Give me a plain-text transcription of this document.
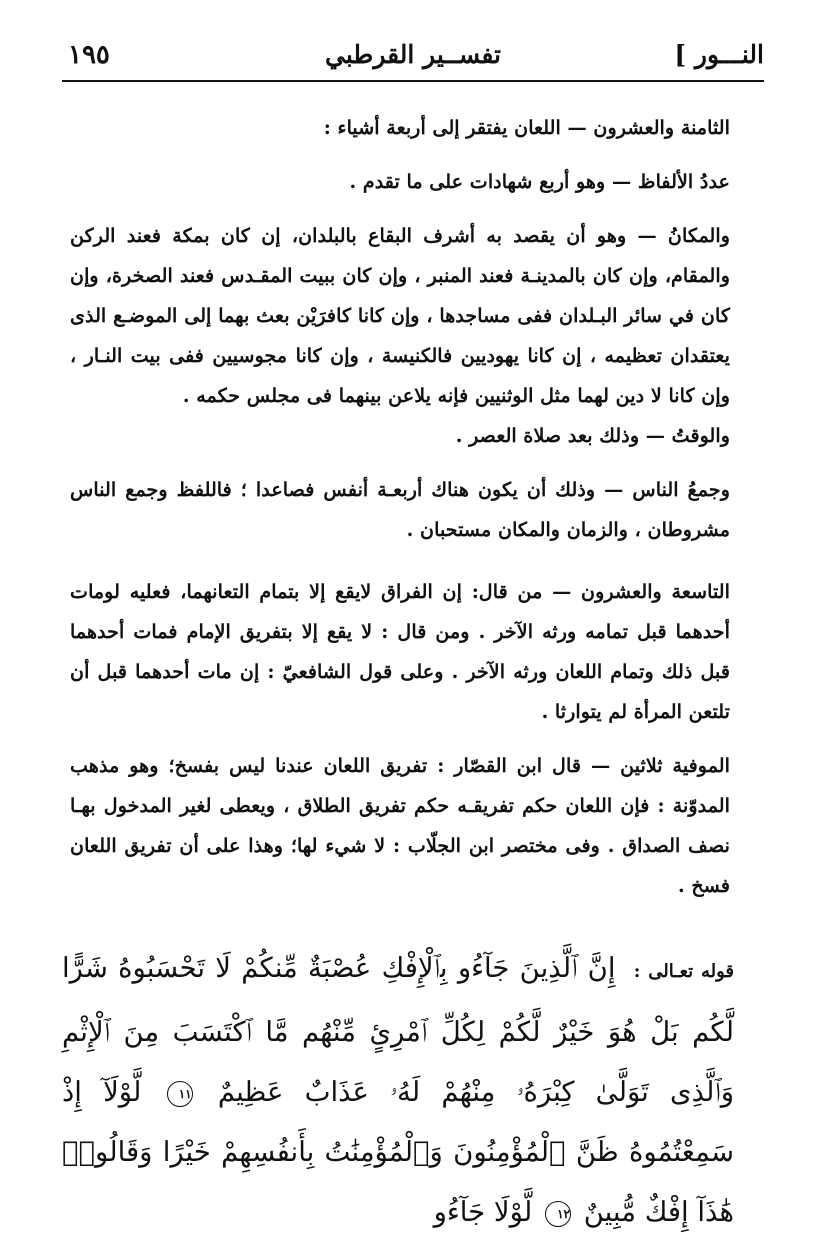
النـــور ]
تفســير القرطبي
١٩٥

الثامنة والعشرون — اللعان يفتقر إلى أربعة أشياء :

عددُ الألفاظ — وهو أربع شهادات على ما تقدم .

والمكانُ — وهو أن يقصد به أشرف البقاع بالبلدان، إن كان بمكة فعند الركن والمقام، وإن كان بالمدينـة فعند المنبر ، وإن كان ببيت المقـدس فعند الصخرة، وإن كان في سائر البـلدان ففى مساجدها ، وإن كانا كافرَيْن بعث بهما إلى الموضـع الذى يعتقدان تعظيمه ، إن كانا يهوديين فالكنيسة ، وإن كانا مجوسيين ففى بيت النـار ، وإن كانا لا دين لهما مثل الوثنيين فإنه يلاعن بينهما فى مجلس حكمه .

والوقتُ — وذلك بعد صلاة العصر .

وجمعُ الناس — وذلك أن يكون هناك أربعـة أنفس فصاعدا ؛ فاللفظ وجمع الناس مشروطان ، والزمان والمكان مستحبان .

التاسعة والعشرون — من قال: إن الفراق لايقع إلا بتمام التعانهما، فعليه لومات أحدهما قبل تمامه ورثه الآخر . ومن قال : لا يقع إلا بتفريق الإمام فمات أحدهما قبل ذلك وتمام اللعان ورثه الآخر . وعلى قول الشافعيّ : إن مات أحدهما قبل أن تلتعن المرأة لم يتوارثا .

الموفية ثلاثين — قال ابن القصّار : تفريق اللعان عندنا ليس بفسخ؛ وهو مذهب المدوّنة : فإن اللعان حكم تفريقـه حكم تفريق الطلاق ، ويعطى لغير المدخول بهـا نصف الصداق . وفى مختصر ابن الجلّاب : لا شيء لها؛ وهذا على أن تفريق اللعان فسخ .

قوله تعـالى : إِنَّ ٱلَّذِينَ جَآءُو بِٱلْإِفْكِ عُصْبَةٌ مِّنكُمْ لَا تَحْسَبُوهُ شَرًّا لَّكُم بَلْ هُوَ خَيْرٌ لَّكُمْ لِكُلِّ ٱمْرِئٍ مِّنْهُم مَّا ٱكْتَسَبَ مِنَ ٱلْإِثْمِ وَٱلَّذِى تَوَلَّىٰ كِبْرَهُۥ مِنْهُمْ لَهُۥ عَذَابٌ عَظِيمٌ ١١ لَّوْلَآ إِذْ سَمِعْتُمُوهُ ظَنَّ ٱلْمُؤْمِنُونَ وَٱلْمُؤْمِنَٰتُ بِأَنفُسِهِمْ خَيْرًا وَقَالُوا۟ هَٰذَآ إِفْكٌ مُّبِينٌ ١٢ لَّوْلَا جَآءُو
